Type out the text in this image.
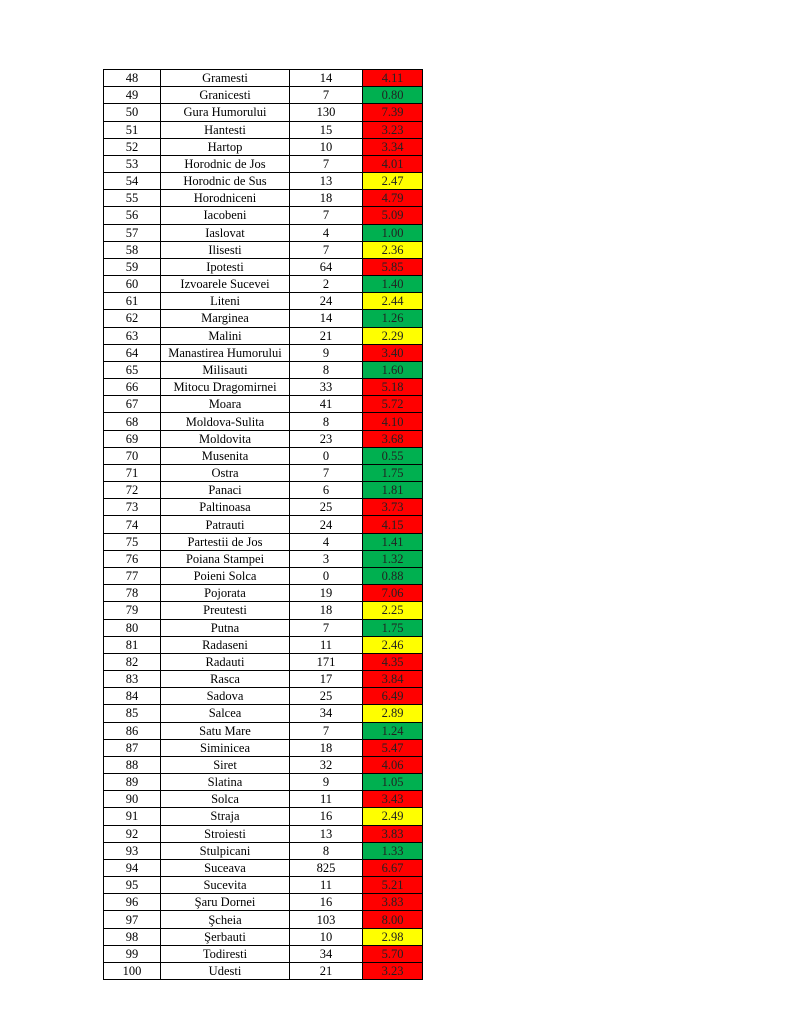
48	Gramesti	14	4.11
49	Granicesti	7	0.80
50	Gura Humorului	130	7.39
51	Hantesti	15	3.23
52	Hartop	10	3.34
53	Horodnic de Jos	7	4.01
54	Horodnic de Sus	13	2.47
55	Horodniceni	18	4.79
56	Iacobeni	7	5.09
57	Iaslovat	4	1.00
58	Ilisesti	7	2.36
59	Ipotesti	64	5.85
60	Izvoarele Sucevei	2	1.40
61	Liteni	24	2.44
62	Marginea	14	1.26
63	Malini	21	2.29
64	Manastirea Humorului	9	3.40
65	Milisauti	8	1.60
66	Mitocu Dragomirnei	33	5.18
67	Moara	41	5.72
68	Moldova-Sulita	8	4.10
69	Moldovita	23	3.68
70	Musenita	0	0.55
71	Ostra	7	1.75
72	Panaci	6	1.81
73	Paltinoasa	25	3.73
74	Patrauti	24	4.15
75	Partestii de Jos	4	1.41
76	Poiana Stampei	3	1.32
77	Poieni Solca	0	0.88
78	Pojorata	19	7.06
79	Preutesti	18	2.25
80	Putna	7	1.75
81	Radaseni	11	2.46
82	Radauti	171	4.35
83	Rasca	17	3.84
84	Sadova	25	6.49
85	Salcea	34	2.89
86	Satu Mare	7	1.24
87	Siminicea	18	5.47
88	Siret	32	4.06
89	Slatina	9	1.05
90	Solca	11	3.43
91	Straja	16	2.49
92	Stroiesti	13	3.83
93	Stulpicani	8	1.33
94	Suceava	825	6.67
95	Sucevita	11	5.21
96	Şaru Dornei	16	3.83
97	Şcheia	103	8.00
98	Şerbauti	10	2.98
99	Todiresti	34	5.70
100	Udesti	21	3.23
